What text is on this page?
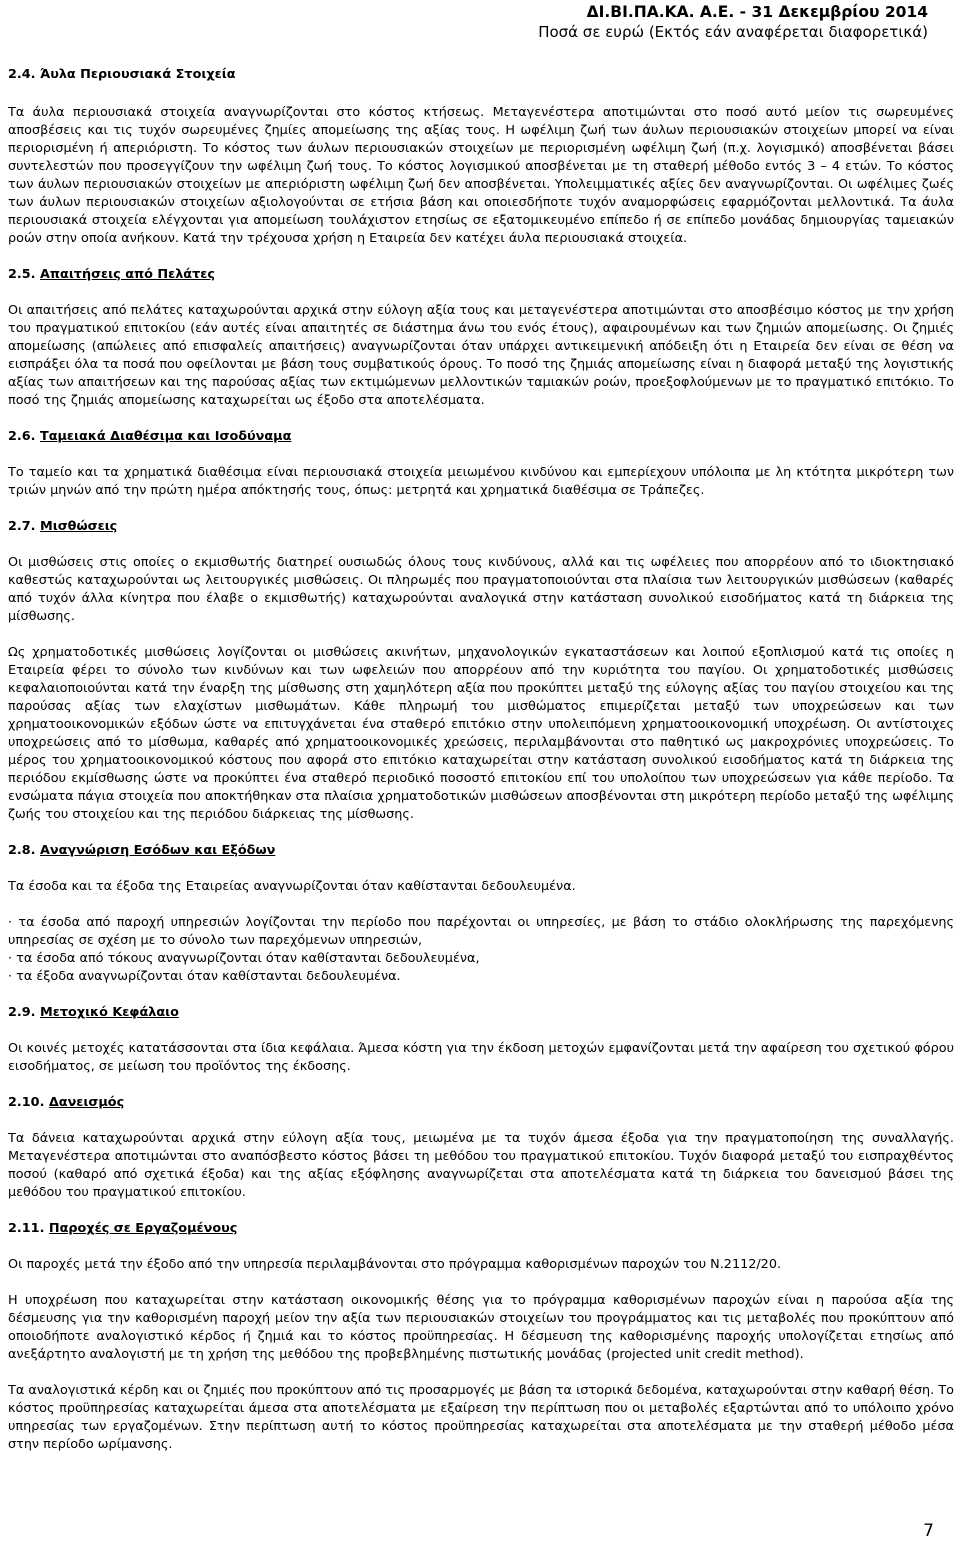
ΔΙ.ΒΙ.ΠΑ.ΚΑ. Α.Ε. - 31 Δεκεμβρίου 2014
Ποσά σε ευρώ (Εκτός εάν αναφέρεται διαφορετικά)
2.4. Άυλα Περιουσιακά Στοιχεία

Τα άυλα περιουσιακά στοιχεία αναγνωρίζονται στο κόστος κτήσεως. Μεταγενέστερα αποτιμώνται στο ποσό αυτό μείον τις σωρευμένες αποσβέσεις και τις τυχόν σωρευμένες ζημίες απομείωσης της αξίας τους. Η ωφέλιμη ζωή των άυλων περιουσιακών στοιχείων μπορεί να είναι περιορισμένη ή απεριόριστη. Το κόστος των άυλων περιουσιακών στοιχείων με περιορισμένη ωφέλιμη ζωή (π.χ. λογισμικό) αποσβένεται βάσει συντελεστών που προσεγγίζουν την ωφέλιμη ζωή τους. Το κόστος λογισμικού αποσβένεται με τη σταθερή μέθοδο εντός 3 – 4 ετών. Το κόστος των άυλων περιουσιακών στοιχείων με απεριόριστη ωφέλιμη ζωή δεν αποσβένεται. Υπολειμματικές αξίες δεν αναγνωρίζονται. Οι ωφέλιμες ζωές των άυλων περιουσιακών στοιχείων αξιολογούνται σε ετήσια βάση και οποιεσδήποτε τυχόν αναμορφώσεις εφαρμόζονται μελλοντικά. Τα άυλα περιουσιακά στοιχεία ελέγχονται για απομείωση τουλάχιστον ετησίως σε εξατομικευμένο επίπεδο ή σε επίπεδο μονάδας δημιουργίας ταμειακών ροών στην οποία ανήκουν. Κατά την τρέχουσα χρήση η Εταιρεία δεν κατέχει άυλα περιουσιακά στοιχεία.

2.5. Απαιτήσεις από Πελάτες

Οι απαιτήσεις από πελάτες καταχωρούνται αρχικά στην εύλογη αξία τους και μεταγενέστερα αποτιμώνται στο αποσβέσιμο κόστος με την χρήση του πραγματικού επιτοκίου (εάν αυτές είναι απαιτητές σε διάστημα άνω του ενός έτους), αφαιρουμένων και των ζημιών απομείωσης. Οι ζημιές απομείωσης (απώλειες από επισφαλείς απαιτήσεις) αναγνωρίζονται όταν υπάρχει αντικειμενική απόδειξη ότι η Εταιρεία δεν είναι σε θέση να εισπράξει όλα τα ποσά που οφείλονται με βάση τους συμβατικούς όρους. Το ποσό της ζημιάς απομείωσης είναι η διαφορά μεταξύ της λογιστικής αξίας των απαιτήσεων και της παρούσας αξίας των εκτιμώμενων μελλοντικών ταμιακών ροών, προεξοφλούμενων με το πραγματικό επιτόκιο. Το ποσό της ζημιάς απομείωσης καταχωρείται ως έξοδο στα αποτελέσματα.

2.6. Ταμειακά Διαθέσιμα και Ισοδύναμα

Το ταμείο και τα χρηματικά διαθέσιμα είναι περιουσιακά στοιχεία μειωμένου κινδύνου και εμπερίεχουν υπόλοιπα με λη κτότητα μικρότερη των τριών μηνών από την πρώτη ημέρα απόκτησής τους, όπως: μετρητά και χρηματικά διαθέσιμα σε Τράπεζες.

2.7. Μισθώσεις

Οι μισθώσεις στις οποίες ο εκμισθωτής διατηρεί ουσιωδώς όλους τους κινδύνους, αλλά και τις ωφέλειες που απορρέουν από το ιδιοκτησιακό καθεστώς καταχωρούνται ως λειτουργικές μισθώσεις. Οι πληρωμές που πραγματοποιούνται στα πλαίσια των λειτουργικών μισθώσεων (καθαρές από τυχόν άλλα κίνητρα που έλαβε ο εκμισθωτής) καταχωρούνται αναλογικά στην κατάσταση συνολικού εισοδήματος κατά τη διάρκεια της μίσθωσης.

Ως χρηματοδοτικές μισθώσεις λογίζονται οι μισθώσεις ακινήτων, μηχανολογικών εγκαταστάσεων και λοιπού εξοπλισμού κατά τις οποίες η Εταιρεία φέρει το σύνολο των κινδύνων και των ωφελειών που απορρέουν από την κυριότητα του παγίου. Οι χρηματοδοτικές μισθώσεις κεφαλαιοποιούνται κατά την έναρξη της μίσθωσης στη χαμηλότερη αξία που προκύπτει μεταξύ της εύλογης αξίας του παγίου στοιχείου και της παρούσας αξίας των ελαχίστων μισθωμάτων. Κάθε πληρωμή του μισθώματος επιμερίζεται μεταξύ των υποχρεώσεων και των χρηματοοικονομικών εξόδων ώστε να επιτυγχάνεται ένα σταθερό επιτόκιο στην υπολειπόμενη χρηματοοικονομική υποχρέωση. Οι αντίστοιχες υποχρεώσεις από το μίσθωμα, καθαρές από χρηματοοικονομικές χρεώσεις, περιλαμβάνονται στο παθητικό ως μακροχρόνιες υποχρεώσεις. Το μέρος του χρηματοοικονομικού κόστους που αφορά στο επιτόκιο καταχωρείται στην κατάσταση συνολικού εισοδήματος κατά τη διάρκεια της περιόδου εκμίσθωσης ώστε να προκύπτει ένα σταθερό περιοδικό ποσοστό επιτοκίου επί του υπολοίπου των υποχρεώσεων για κάθε περίοδο. Τα ενσώματα πάγια στοιχεία που αποκτήθηκαν στα πλαίσια χρηματοδοτικών μισθώσεων αποσβένονται στη μικρότερη περίοδο μεταξύ της ωφέλιμης ζωής του στοιχείου και της περιόδου διάρκειας της μίσθωσης.

2.8. Αναγνώριση Εσόδων και Εξόδων

Τα έσοδα και τα έξοδα της Εταιρείας αναγνωρίζονται όταν καθίστανται δεδουλευμένα.

· τα έσοδα από παροχή υπηρεσιών λογίζονται την περίοδο που παρέχονται οι υπηρεσίες, με βάση το στάδιο ολοκλήρωσης της παρεχόμενης υπηρεσίας σε σχέση με το σύνολο των παρεχόμενων υπηρεσιών,

· τα έσοδα από τόκους αναγνωρίζονται όταν καθίστανται δεδουλευμένα,

· τα έξοδα αναγνωρίζονται όταν καθίστανται δεδουλευμένα.

2.9. Μετοχικό Κεφάλαιο

Οι κοινές μετοχές κατατάσσονται στα ίδια κεφάλαια. Άμεσα κόστη για την έκδοση μετοχών εμφανίζονται μετά την αφαίρεση του σχετικού φόρου εισοδήματος, σε μείωση του προϊόντος της έκδοσης.

2.10. Δανεισμός

Τα δάνεια καταχωρούνται αρχικά στην εύλογη αξία τους, μειωμένα με τα τυχόν άμεσα έξοδα για την πραγματοποίηση της συναλλαγής. Μεταγενέστερα αποτιμώνται στο αναπόσβεστο κόστος βάσει τη μεθόδου του πραγματικού επιτοκίου. Τυχόν διαφορά μεταξύ του εισπραχθέντος ποσού (καθαρό από σχετικά έξοδα) και της αξίας εξόφλησης αναγνωρίζεται στα αποτελέσματα κατά τη διάρκεια του δανεισμού βάσει της μεθόδου του πραγματικού επιτοκίου.

2.11. Παροχές σε Εργαζομένους

Οι παροχές μετά την έξοδο από την υπηρεσία περιλαμβάνονται στο πρόγραμμα καθορισμένων παροχών του Ν.2112/20.

Η υποχρέωση που καταχωρείται στην κατάσταση οικονομικής θέσης για το πρόγραμμα καθορισμένων παροχών είναι η παρούσα αξία της δέσμευσης για την καθορισμένη παροχή μείον την αξία των περιουσιακών στοιχείων του προγράμματος και τις μεταβολές που προκύπτουν από οποιοδήποτε αναλογιστικό κέρδος ή ζημιά και το κόστος προϋπηρεσίας. Η δέσμευση της καθορισμένης παροχής υπολογίζεται ετησίως από ανεξάρτητο αναλογιστή με τη χρήση της μεθόδου της προβεβλημένης πιστωτικής μονάδας (projected unit credit method).

Τα αναλογιστικά κέρδη και οι ζημιές που προκύπτουν από τις προσαρμογές με βάση τα ιστορικά δεδομένα, καταχωρούνται στην καθαρή θέση. Το κόστος προϋπηρεσίας καταχωρείται άμεσα στα αποτελέσματα με εξαίρεση την περίπτωση που οι μεταβολές εξαρτώνται από το υπόλοιπο χρόνο υπηρεσίας των εργαζομένων. Στην περίπτωση αυτή το κόστος προϋπηρεσίας καταχωρείται στα αποτελέσματα με την σταθερή μέθοδο μέσα στην περίοδο ωρίμανσης.

7
